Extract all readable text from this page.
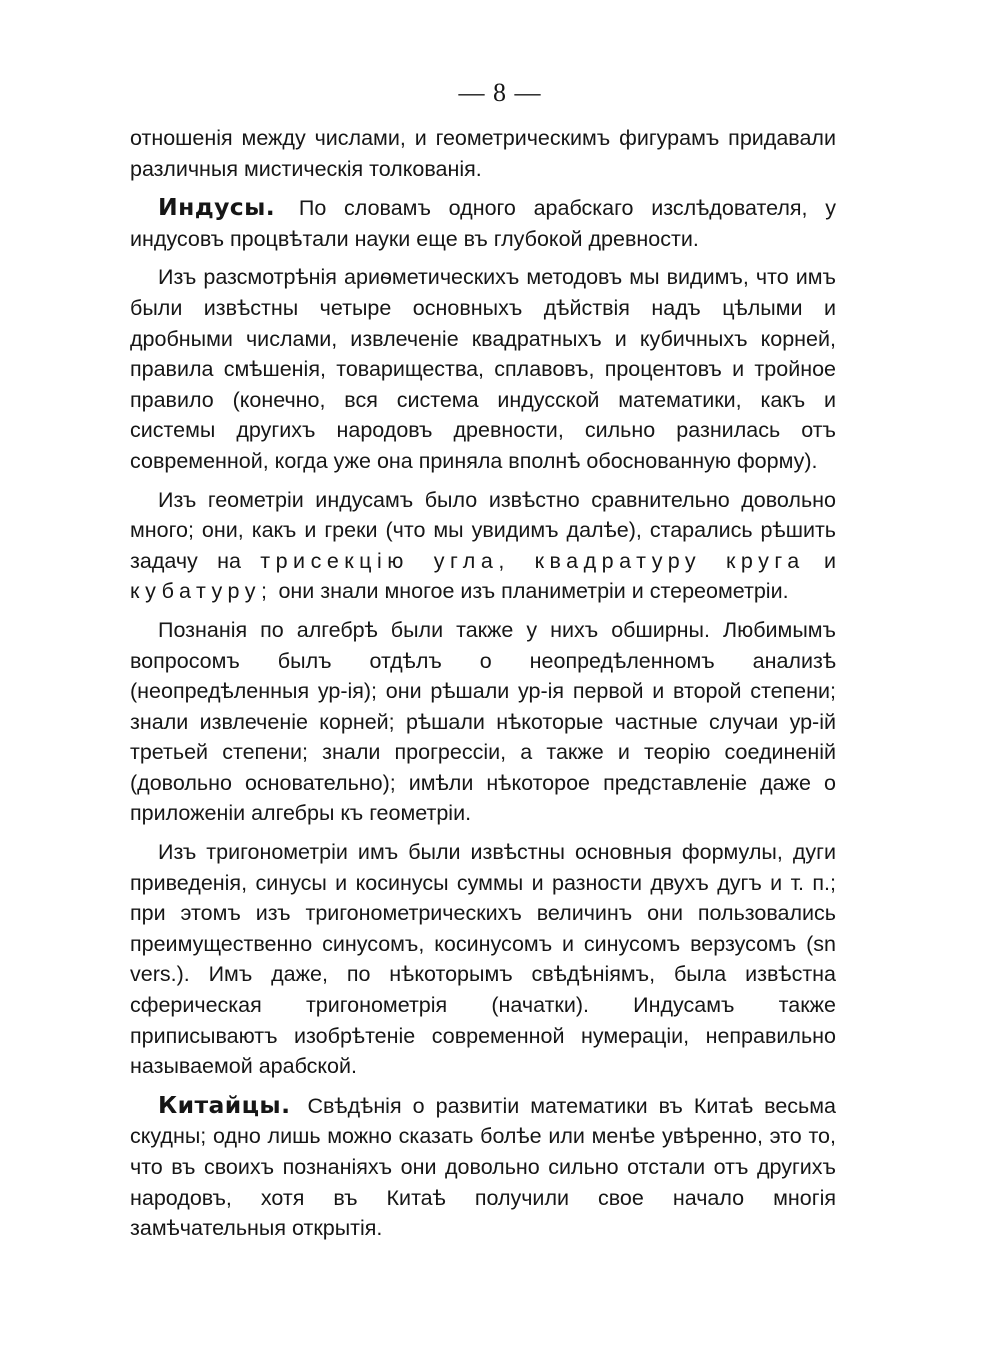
— 8 —

отношенія между числами, и геометрическимъ фигурамъ придавали различныя мистическія толкованія.

Индусы. По словамъ одного арабскаго изслѣдователя, у индусовъ процвѣтали науки еще въ глубокой древности.

Изъ разсмотрѣнія ариѳметическихъ методовъ мы видимъ, что имъ были извѣстны четыре основныхъ дѣйствія надъ цѣлыми и дробными числами, извлеченіе квадратныхъ и кубичныхъ корней, правила смѣшенія, товарищества, сплавовъ, процентовъ и тройное правило (конечно, вся система индусской математики, какъ и системы другихъ народовъ древности, сильно разнилась отъ современной, когда уже она приняла вполнѣ обоснованную форму).

Изъ геометріи индусамъ было извѣстно сравнительно довольно много; они, какъ и греки (что мы увидимъ далѣе), старались рѣшить задачу на трисекцію угла, квадратуру круга и кубатуру; они знали многое изъ планиметріи и стереометріи.

Познанія по алгебрѣ были также у нихъ обширны. Любимымъ вопросомъ былъ отдѣлъ о неопредѣленномъ анализѣ (неопредѣленныя ур-ія); они рѣшали ур-ія первой и второй степени; знали извлеченіе корней; рѣшали нѣкоторые частные случаи ур-ій третьей степени; знали прогрессіи, а также и теорію соединеній (довольно основательно); имѣли нѣкоторое представленіе даже о приложеніи алгебры къ геометріи.

Изъ тригонометріи имъ были извѣстны основныя формулы, дуги приведенія, синусы и косинусы суммы и разности двухъ дугъ и т. п.; при этомъ изъ тригонометрическихъ величинъ они пользовались преимущественно синусомъ, косинусомъ и синусомъ верзусомъ (sn vers.). Имъ даже, по нѣкоторымъ свѣдѣніямъ, была извѣстна сферическая тригонометрія (начатки). Индусамъ также приписываютъ изобрѣтеніе современной нумераціи, неправильно называемой арабской.

Китайцы. Свѣдѣнія о развитіи математики въ Китаѣ весьма скудны; одно лишь можно сказать болѣе или менѣе увѣренно, это то, что въ своихъ познаніяхъ они довольно сильно отстали отъ другихъ народовъ, хотя въ Китаѣ получили свое начало многія замѣчательныя открытія.
